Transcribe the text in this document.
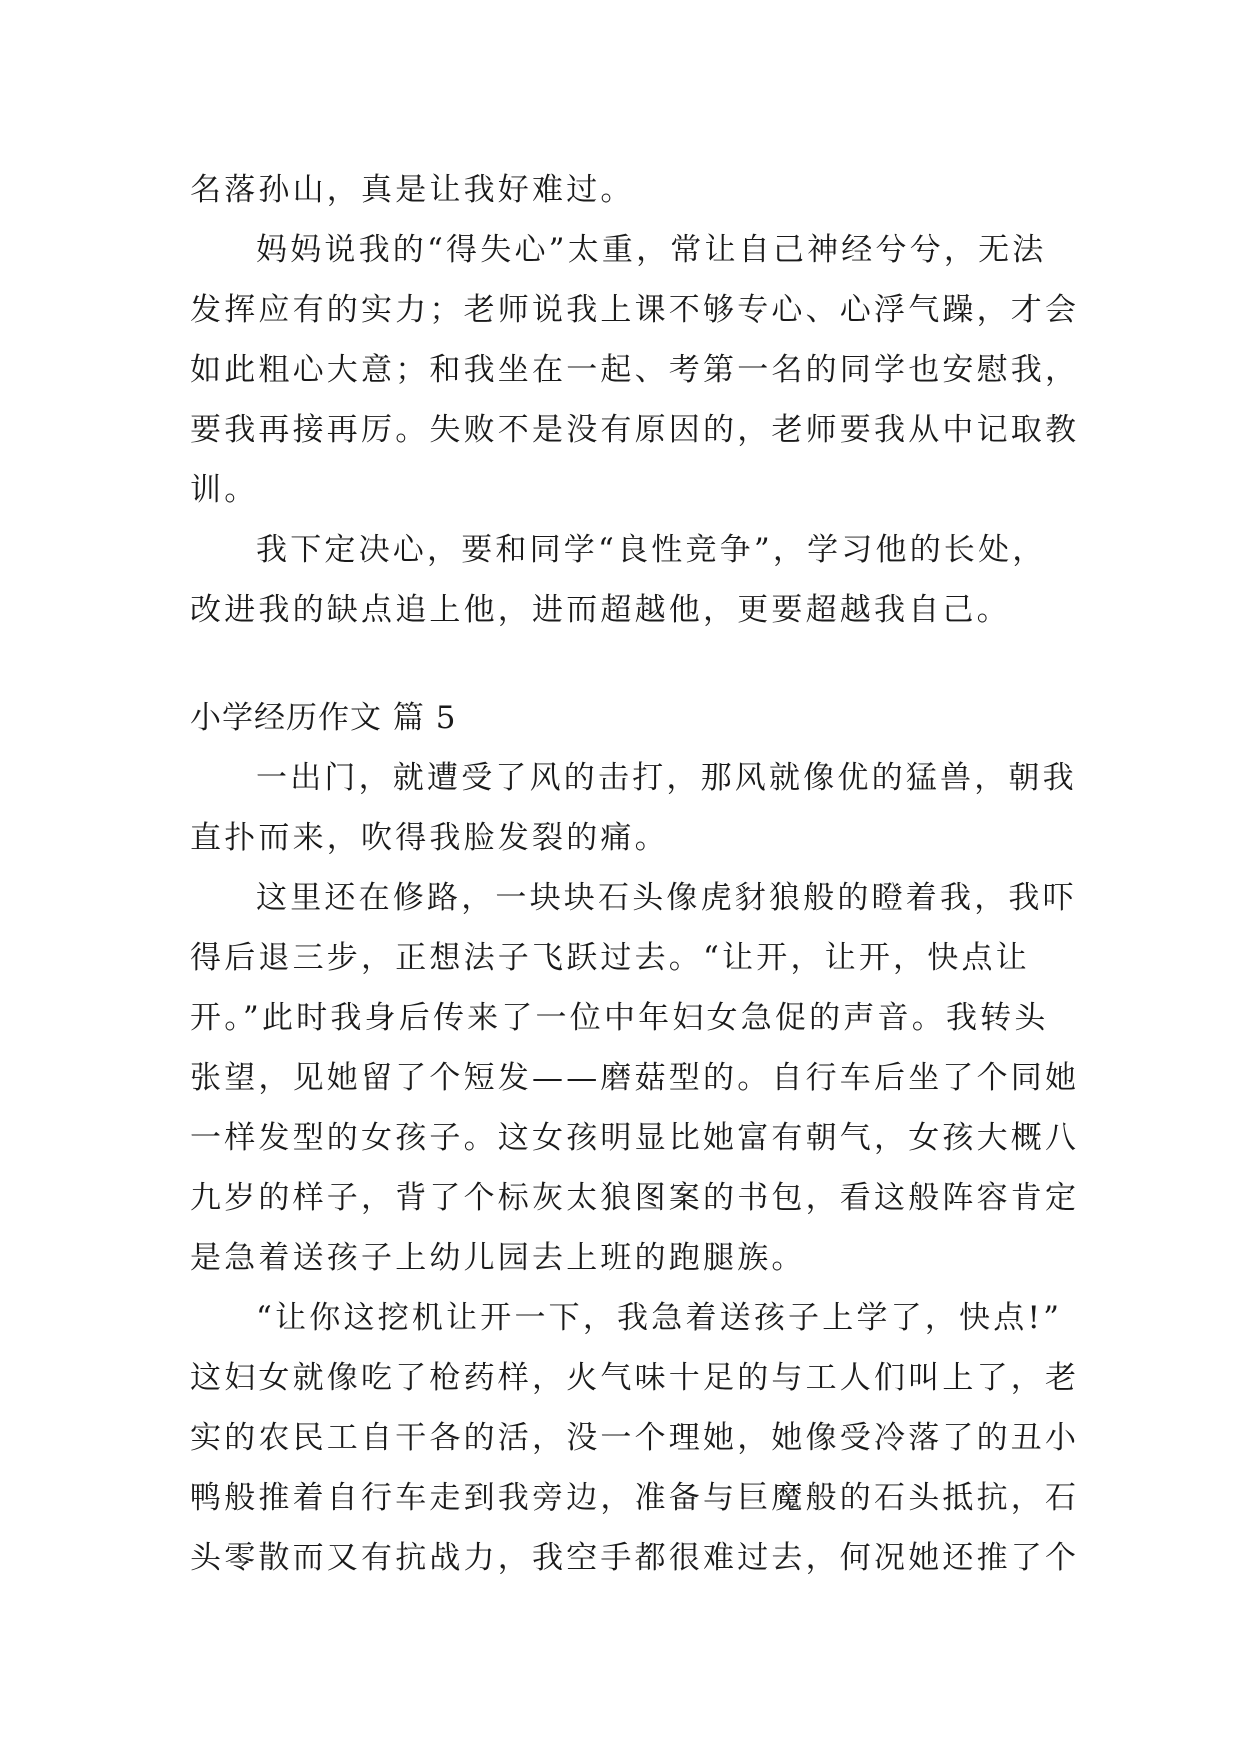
名落孙山，真是让我好难过。
妈妈说我的“得失心”太重，常让自己神经兮兮，无法
发挥应有的实力；老师说我上课不够专心、心浮气躁，才会
如此粗心大意；和我坐在一起、考第一名的同学也安慰我，
要我再接再厉。失败不是没有原因的，老师要我从中记取教
训。
我下定决心，要和同学“良性竞争”，学习他的长处，
改进我的缺点追上他，进而超越他，更要超越我自己。
小学经历作文 篇 5
一出门，就遭受了风的击打，那风就像优的猛兽，朝我
直扑而来，吹得我脸发裂的痛。
这里还在修路，一块块石头像虎豺狼般的瞪着我，我吓
得后退三步，正想法子飞跃过去。“让开，让开，快点让
开。”此时我身后传来了一位中年妇女急促的声音。我转头
张望，见她留了个短发——磨菇型的。自行车后坐了个同她
一样发型的女孩子。这女孩明显比她富有朝气，女孩大概八
九岁的样子，背了个标灰太狼图案的书包，看这般阵容肯定
是急着送孩子上幼儿园去上班的跑腿族。
“让你这挖机让开一下，我急着送孩子上学了，快点!”
这妇女就像吃了枪药样，火气味十足的与工人们叫上了，老
实的农民工自干各的活，没一个理她，她像受冷落了的丑小
鸭般推着自行车走到我旁边，准备与巨魔般的石头抵抗，石
头零散而又有抗战力，我空手都很难过去，何况她还推了个
